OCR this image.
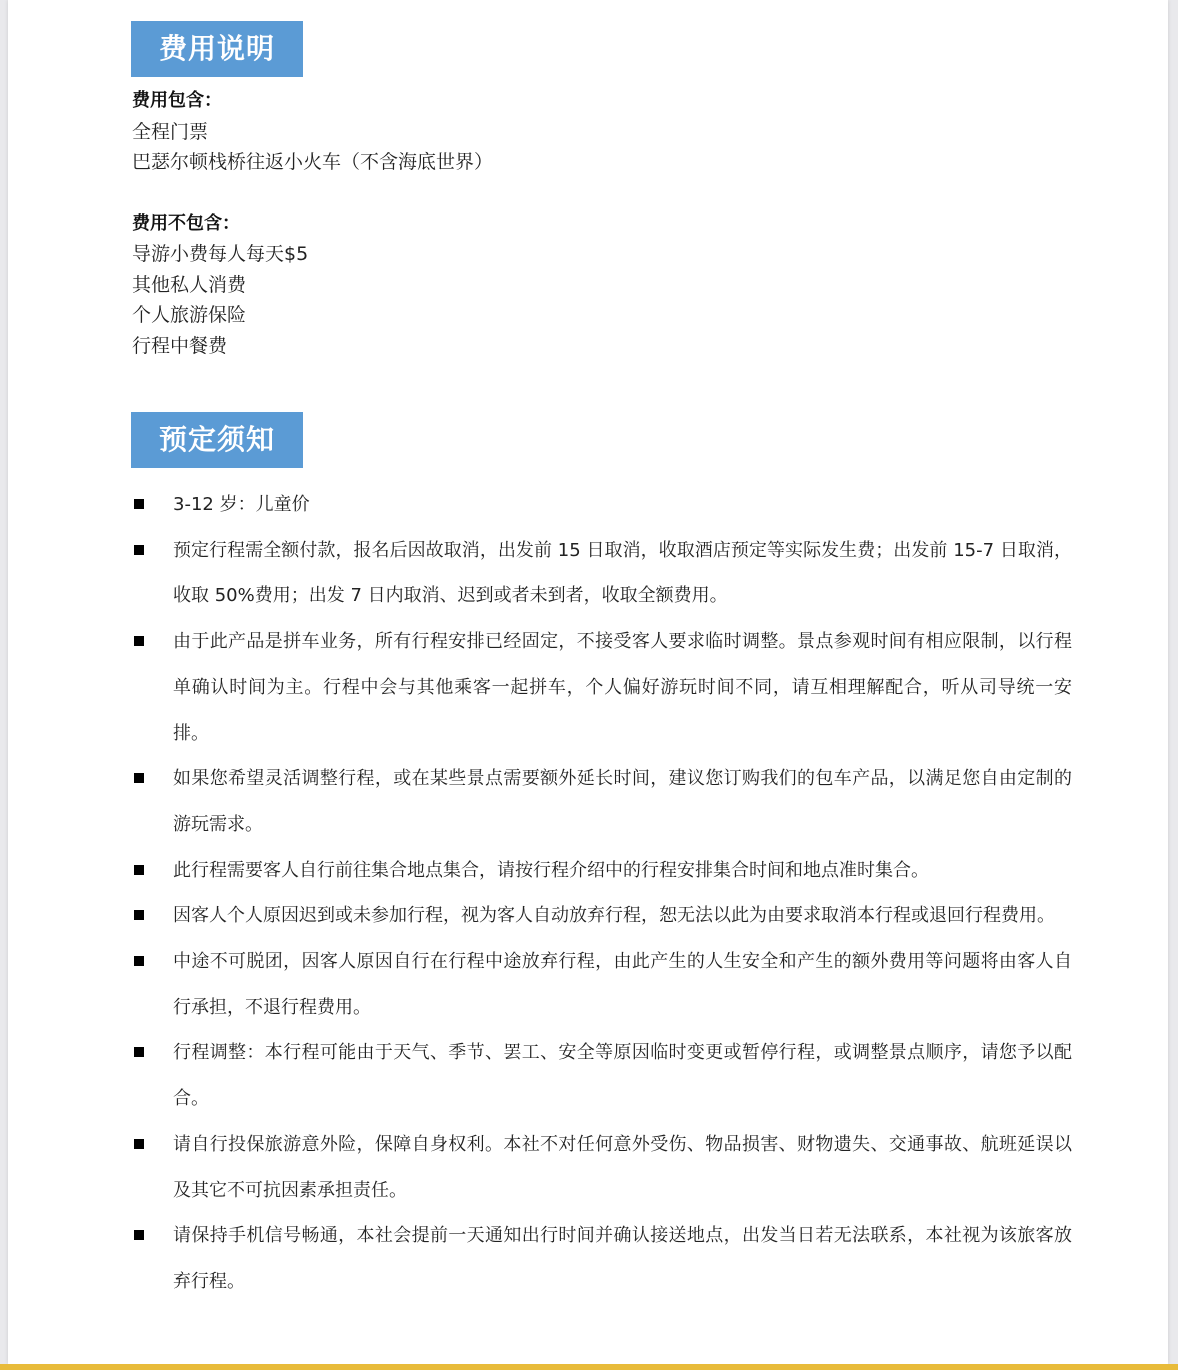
费用说明
费用包含：
全程门票
巴瑟尔顿栈桥往返小火车（不含海底世界）
费用不包含：
导游小费每人每天$5
其他私人消费
个人旅游保险
行程中餐费
预定须知
3-12 岁：儿童价
预定行程需全额付款，报名后因故取消，出发前 15 日取消，收取酒店预定等实际发生费；出发前 15-7 日取消，收取 50%费用；出发 7 日内取消、迟到或者未到者，收取全额费用。
由于此产品是拼车业务，所有行程安排已经固定，不接受客人要求临时调整。景点参观时间有相应限制，以行程单确认时间为主。行程中会与其他乘客一起拼车，个人偏好游玩时间不同，请互相理解配合，听从司导统一安排。
如果您希望灵活调整行程，或在某些景点需要额外延长时间，建议您订购我们的包车产品，以满足您自由定制的游玩需求。
此行程需要客人自行前往集合地点集合，请按行程介绍中的行程安排集合时间和地点准时集合。
因客人个人原因迟到或未参加行程，视为客人自动放弃行程，恕无法以此为由要求取消本行程或退回行程费用。
中途不可脱团，因客人原因自行在行程中途放弃行程，由此产生的人生安全和产生的额外费用等问题将由客人自行承担，不退行程费用。
行程调整：本行程可能由于天气、季节、罢工、安全等原因临时变更或暂停行程，或调整景点顺序，请您予以配合。
请自行投保旅游意外险，保障自身权利。本社不对任何意外受伤、物品损害、财物遗失、交通事故、航班延误以及其它不可抗因素承担责任。
请保持手机信号畅通，本社会提前一天通知出行时间并确认接送地点，出发当日若无法联系，本社视为该旅客放弃行程。
